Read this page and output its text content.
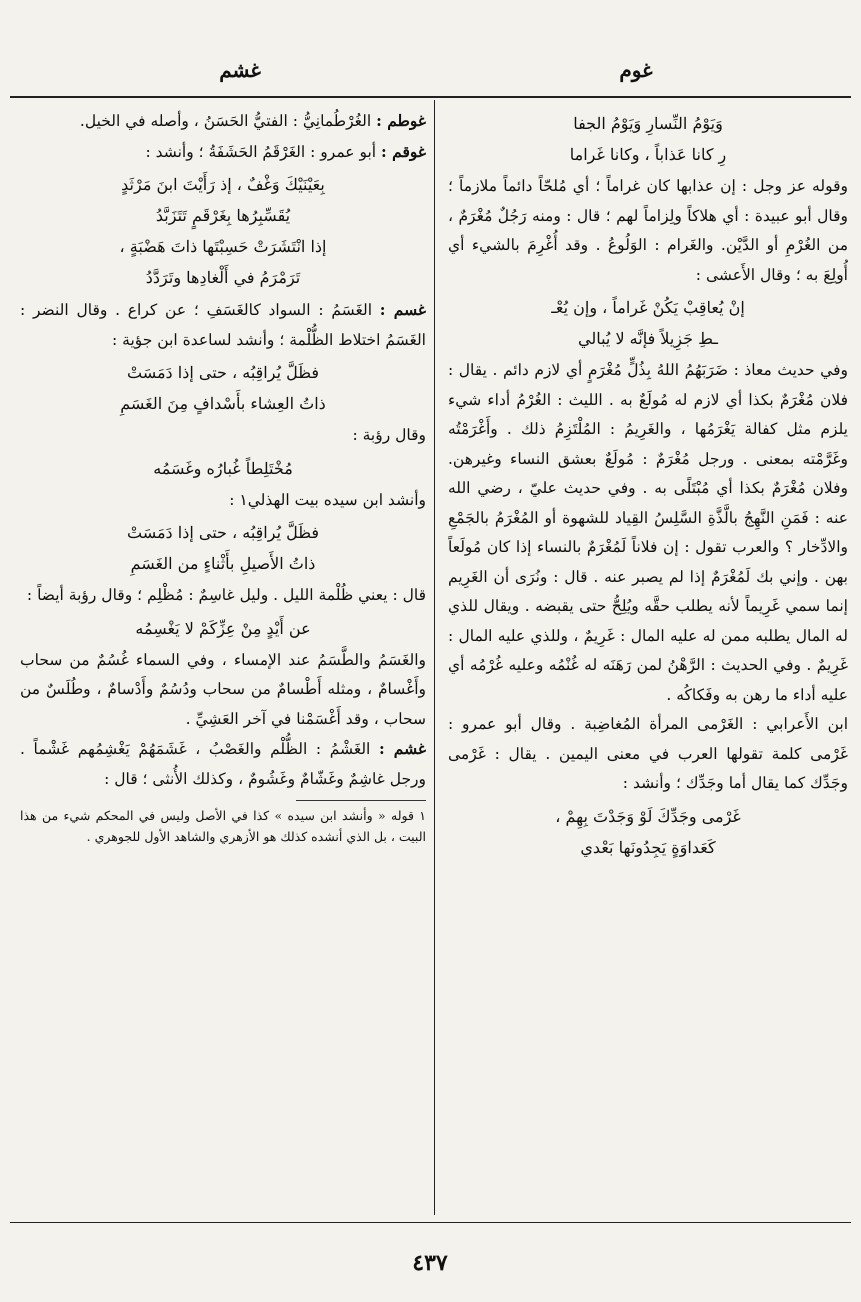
غشم	غوم
وَيَوْمُ النِّسارِ وَيَوْمُ الجفا
رِ كانا عَذاباً ، وكانا غَراما

وقوله عز وجل : إن عذابها كان غراماً ؛ أي مُلحّاً دائماً ملازماً ؛ وقال أبو عبيدة : أي هلاكاً ولِزاماً لهم ؛ قال : ومنه رَجُلٌ مُغْرَمٌ ، من الغُرْمِ أو الدَّيْن. والغَرام : الوَلُوعُ . وقد أُغْرِمَ بالشيء أي أُولِعَ به ؛ وقال الأَعشى :

إنْ يُعاقِبْ يَكُنْ غَراماً ، وإن يُعْـ
ـطِ جَزِيلاً فإنَّه لا يُبالي

وفي حديث معاذ : ضَرَبَهُمُ اللهُ بِذُلٍّ مُغْرَمٍ أي لازم دائم . يقال : فلان مُغْرَمٌ بكذا أي لازم له مُولَعٌ به . الليث : الغُرْمُ أداء شيء يلزم مثل كفالة يَغْرَمُها ، والغَرِيمُ : المُلْتَزِمُ ذلك . وأَغْرَمْتُه وغَرَّمْته بمعنى . ورجل مُغْرَمٌ : مُولَعٌ بعشق النساء وغيرهن. وفلان مُغْرَمٌ بكذا أي مُبْتَلًى به . وفي حديث عليّ ، رضي الله عنه : فَمَنِ النَّهِجُ بالَّذَّةِ السَّلِسُ القِياد للشهوة أو المُغْرَمُ بالجَمْعِ والادِّخار ؟ والعرب تقول : إن فلاناً لَمُغْرَمٌ بالنساء إذا كان مُولَعاً بهن . وإني بك لَمُغْرَمٌ إذا لم يصبر عنه . قال : ونُرَى أن الغَرِيم إنما سمي غَرِيماً لأنه يطلب حقَّه ويُلِحُّ حتى يقبضه . ويقال للذي له المال يطلبه ممن له عليه المال : غَرِيمٌ ، وللذي عليه المال : غَرِيمٌ . وفي الحديث : الرَّهْنُ لمن رَهَنَه له غُنْمُه وعليه غُرْمُه أي عليه أداء ما رهن به وفَكاكُه .

ابن الأَعرابي : الغَرْمى المرأة المُغاضِبة . وقال أبو عمرو : غَرْمى كلمة تقولها العرب في معنى اليمين . يقال : غَرْمى وجَدِّك كما يقال أما وجَدِّك ؛ وأنشد :

غَرْمى وجَدِّكَ لَوْ وَجَدْتَ بِهِمْ ،
كَعَداوَةٍ يَجِدُونَها بَعْدي

غوطم : الغُرْطُمانِيُّ : الفتيُّ الحَسَنُ ، وأصله في الخيل.

غوقم : أبو عمرو : الغَرْقَمُ الحَشَفَةُ ؛ وأنشد :

بِعَيْنَيْكَ وَغْفٌ ، إذ رَأَيْتَ ابنَ مَرْثَدٍ
يُقَسِّبِرُها بِغَرْقَمٍ تَتَزَبَّدُ
إذا انْتَشَرَتْ حَسِبْتَها ذاتَ هَضْبَةٍ ،
تَرَمْرَمُ في أَلْغادِها وتَرَدَّدُ

غسم : الغَسَمُ : السواد كالغَسَفِ ؛ عن كراع . وقال النضر : الغَسَمُ اختلاط الظُّلْمة ؛ وأنشد لساعدة ابن جؤية :

فظَلَّ يُراقِبُه ، حتى إذا دَمَسَتْ
ذاتُ العِشاء بأَسْدافٍ مِنَ الغَسَمِ

وقال رؤبة :

مُخْتَلِطاً غُبارُه وغَسَمُه

وأنشد ابن سيده بيت الهذلي١ :

فظَلَّ يُراقِبُه ، حتى إذا دَمَسَتْ
ذاتُ الأَصيلِ بأَثْناءٍ من الغَسَمِ

قال : يعني ظُلْمة الليل . وليل غاسِمٌ : مُظْلِم ؛ وقال رؤبة أيضاً :

عن أَيْدٍ مِنْ عِزِّكَمْ لا يَغْسِمُه

والغَسَمُ والطَّسَمُ عند الإمساء ، وفي السماء غُسُمٌ من سحاب وأَغْسامٌ ، ومثله أَطْسامٌ من سحاب ودُسُمٌ وأَدْسامٌ ، وطُلَسٌ من سحاب ، وقد أَغْسَمْنا في آخر العَشِيِّ .

غشم : الغَشْمُ : الظُّلْم والغَصْبُ ، غَشَمَهُمْ يَغْشِمُهم غَشْماً . ورجل غاشِمٌ وغَشّامٌ وغَشُومٌ ، وكذلك الأُنثى ؛ قال :

١ قوله « وأنشد ابن سيده » كذا في الأصل وليس في المحكم شيء من هذا البيت ، بل الذي أنشده كذلك هو الأزهري والشاهد الأول للجوهري .

٤٣٧
